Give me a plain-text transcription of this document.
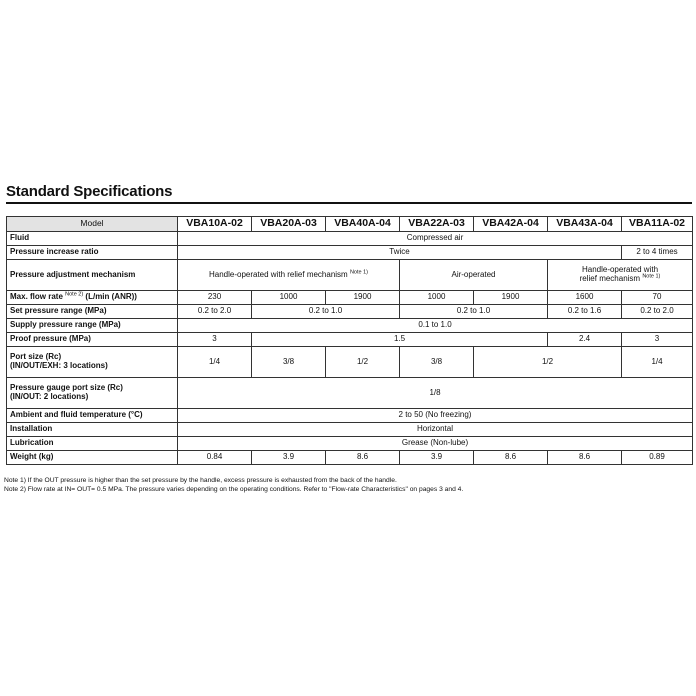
Standard Specifications
Model	VBA10A-02	VBA20A-03	VBA40A-04	VBA22A-03	VBA42A-04	VBA43A-04	VBA11A-02
Fluid	Compressed air						
Pressure increase ratio	Twice						2 to 4 times
Pressure adjustment mechanism	Handle-operated with relief mechanism $^{Note 1)}$			Air-operated		Handle-operated with
relief mechanism $^{Note 1)}$
Max. flow rate $^{Note 2)}$ (L/min (ANR))	230	1000	1900	1000	1900	1600	70
Set pressure range (MPa)	0.2 to 2.0	0.2 to 1.0		0.2 to 1.0		0.2 to 1.6	0.2 to 2.0
Supply pressure range (MPa)	0.1 to 1.0						
Proof pressure (MPa)	3	1.5				2.4	3
Port size (Rc)
(IN/OUT/EXH: 3 locations)	1/4	3/8	1/2	3/8	1/2		1/4
Pressure gauge port size (Rc)
(IN/OUT: 2 locations)	1/8						
Ambient and fluid temperature (°C)	2 to 50 (No freezing)						
Installation	Horizontal						
Lubrication	Grease (Non-lube)						
Weight (kg)	0.84	3.9	8.6	3.9	8.6	8.6	0.89
Note 1) If the OUT pressure is higher than the set pressure by the handle, excess pressure is exhausted from the back of the handle.
Note 2) Flow rate at IN= OUT= 0.5 MPa. The pressure varies depending on the operating conditions. Refer to "Flow-rate Characteristics" on pages 3 and 4.
